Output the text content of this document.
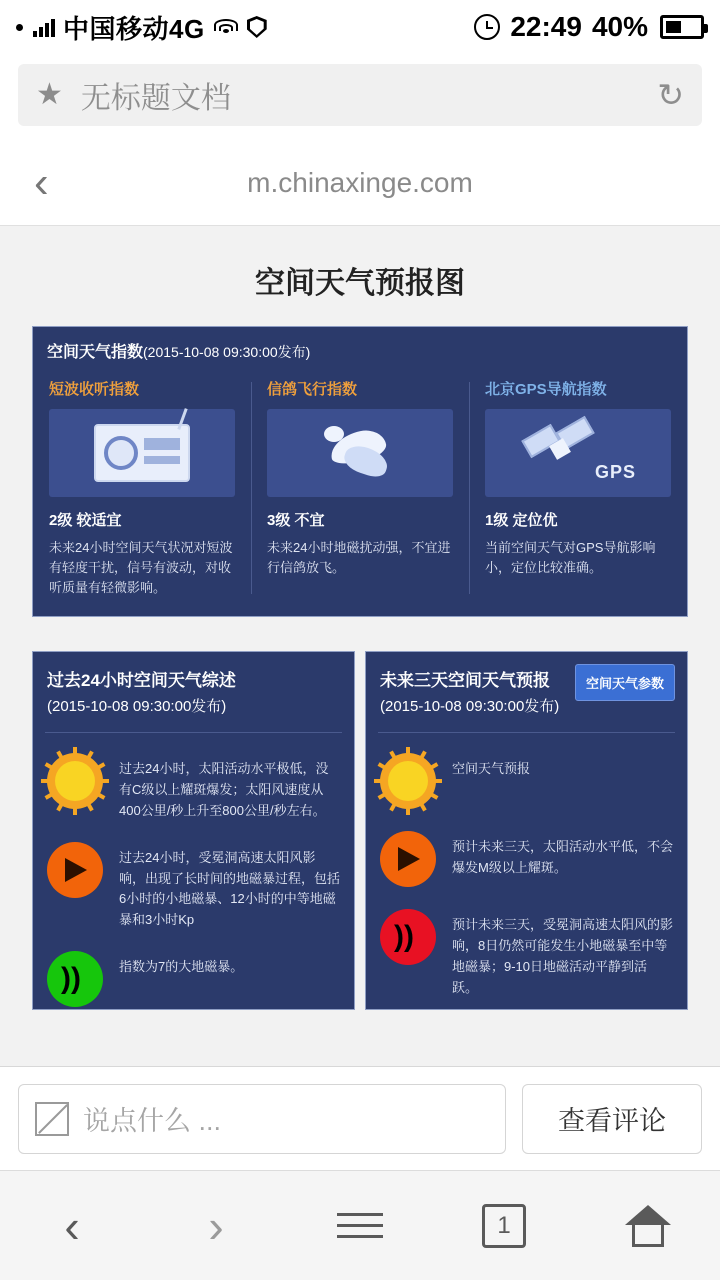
中国移动4G	22:49 40%
★ 无标题文档	↻
‹	m.chinaxinge.com
空间天气预报图
空间天气指数(2015-10-08 09:30:00发布)
短波收听指数
2级 较适宜
未来24小时空间天气状况对短波有轻度干扰，信号有波动，对收听质量有轻微影响。
信鸽飞行指数
3级 不宜
未来24小时地磁扰动强，不宜进行信鸽放飞。
北京GPS导航指数
GPS
1级 定位优
当前空间天气对GPS导航影响小，定位比较准确。
过去24小时空间天气综述
(2015-10-08 09:30:00发布)
过去24小时，太阳活动水平极低，没有C级以上耀斑爆发；太阳风速度从400公里/秒上升至800公里/秒左右。
过去24小时，受冕洞高速太阳风影响，出现了长时间的地磁暴过程，包括6小时的小地磁暴、12小时的中等地磁暴和3小时Kp
))	指数为7的大地磁暴。
未来三天空间天气预报
(2015-10-08 09:30:00发布)
空间天气参数
空间天气预报
预计未来三天，太阳活动水平低，不会爆发M级以上耀斑。
))	预计未来三天，受冕洞高速太阳风的影响，8日仍然可能发生小地磁暴至中等地磁暴；9-10日地磁活动平静到活跃。
说点什么 ...	查看评论
‹	›	1
